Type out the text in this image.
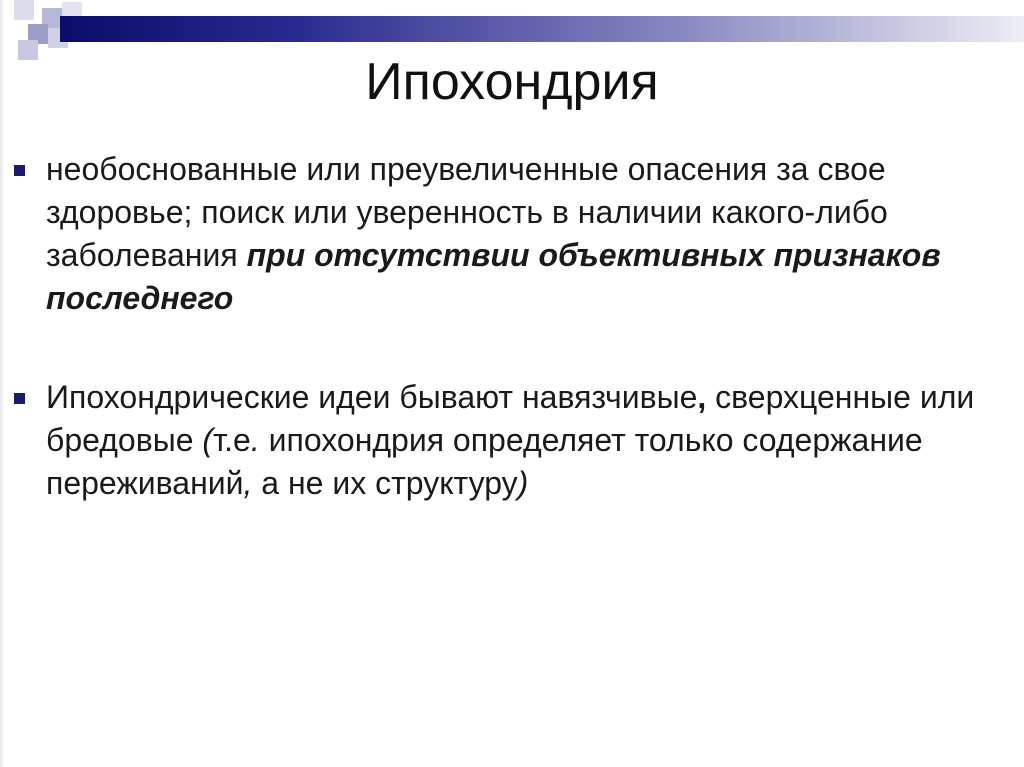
Ипохондрия
необоснованные или преувеличенные опасения за свое здоровье; поиск или уверенность в наличии какого-либо заболевания при отсутствии объективных признаков последнего
Ипохондрические идеи бывают навязчивые, сверхценные или бредовые (т.е. ипохондрия определяет только содержание переживаний, а не их структуру)
